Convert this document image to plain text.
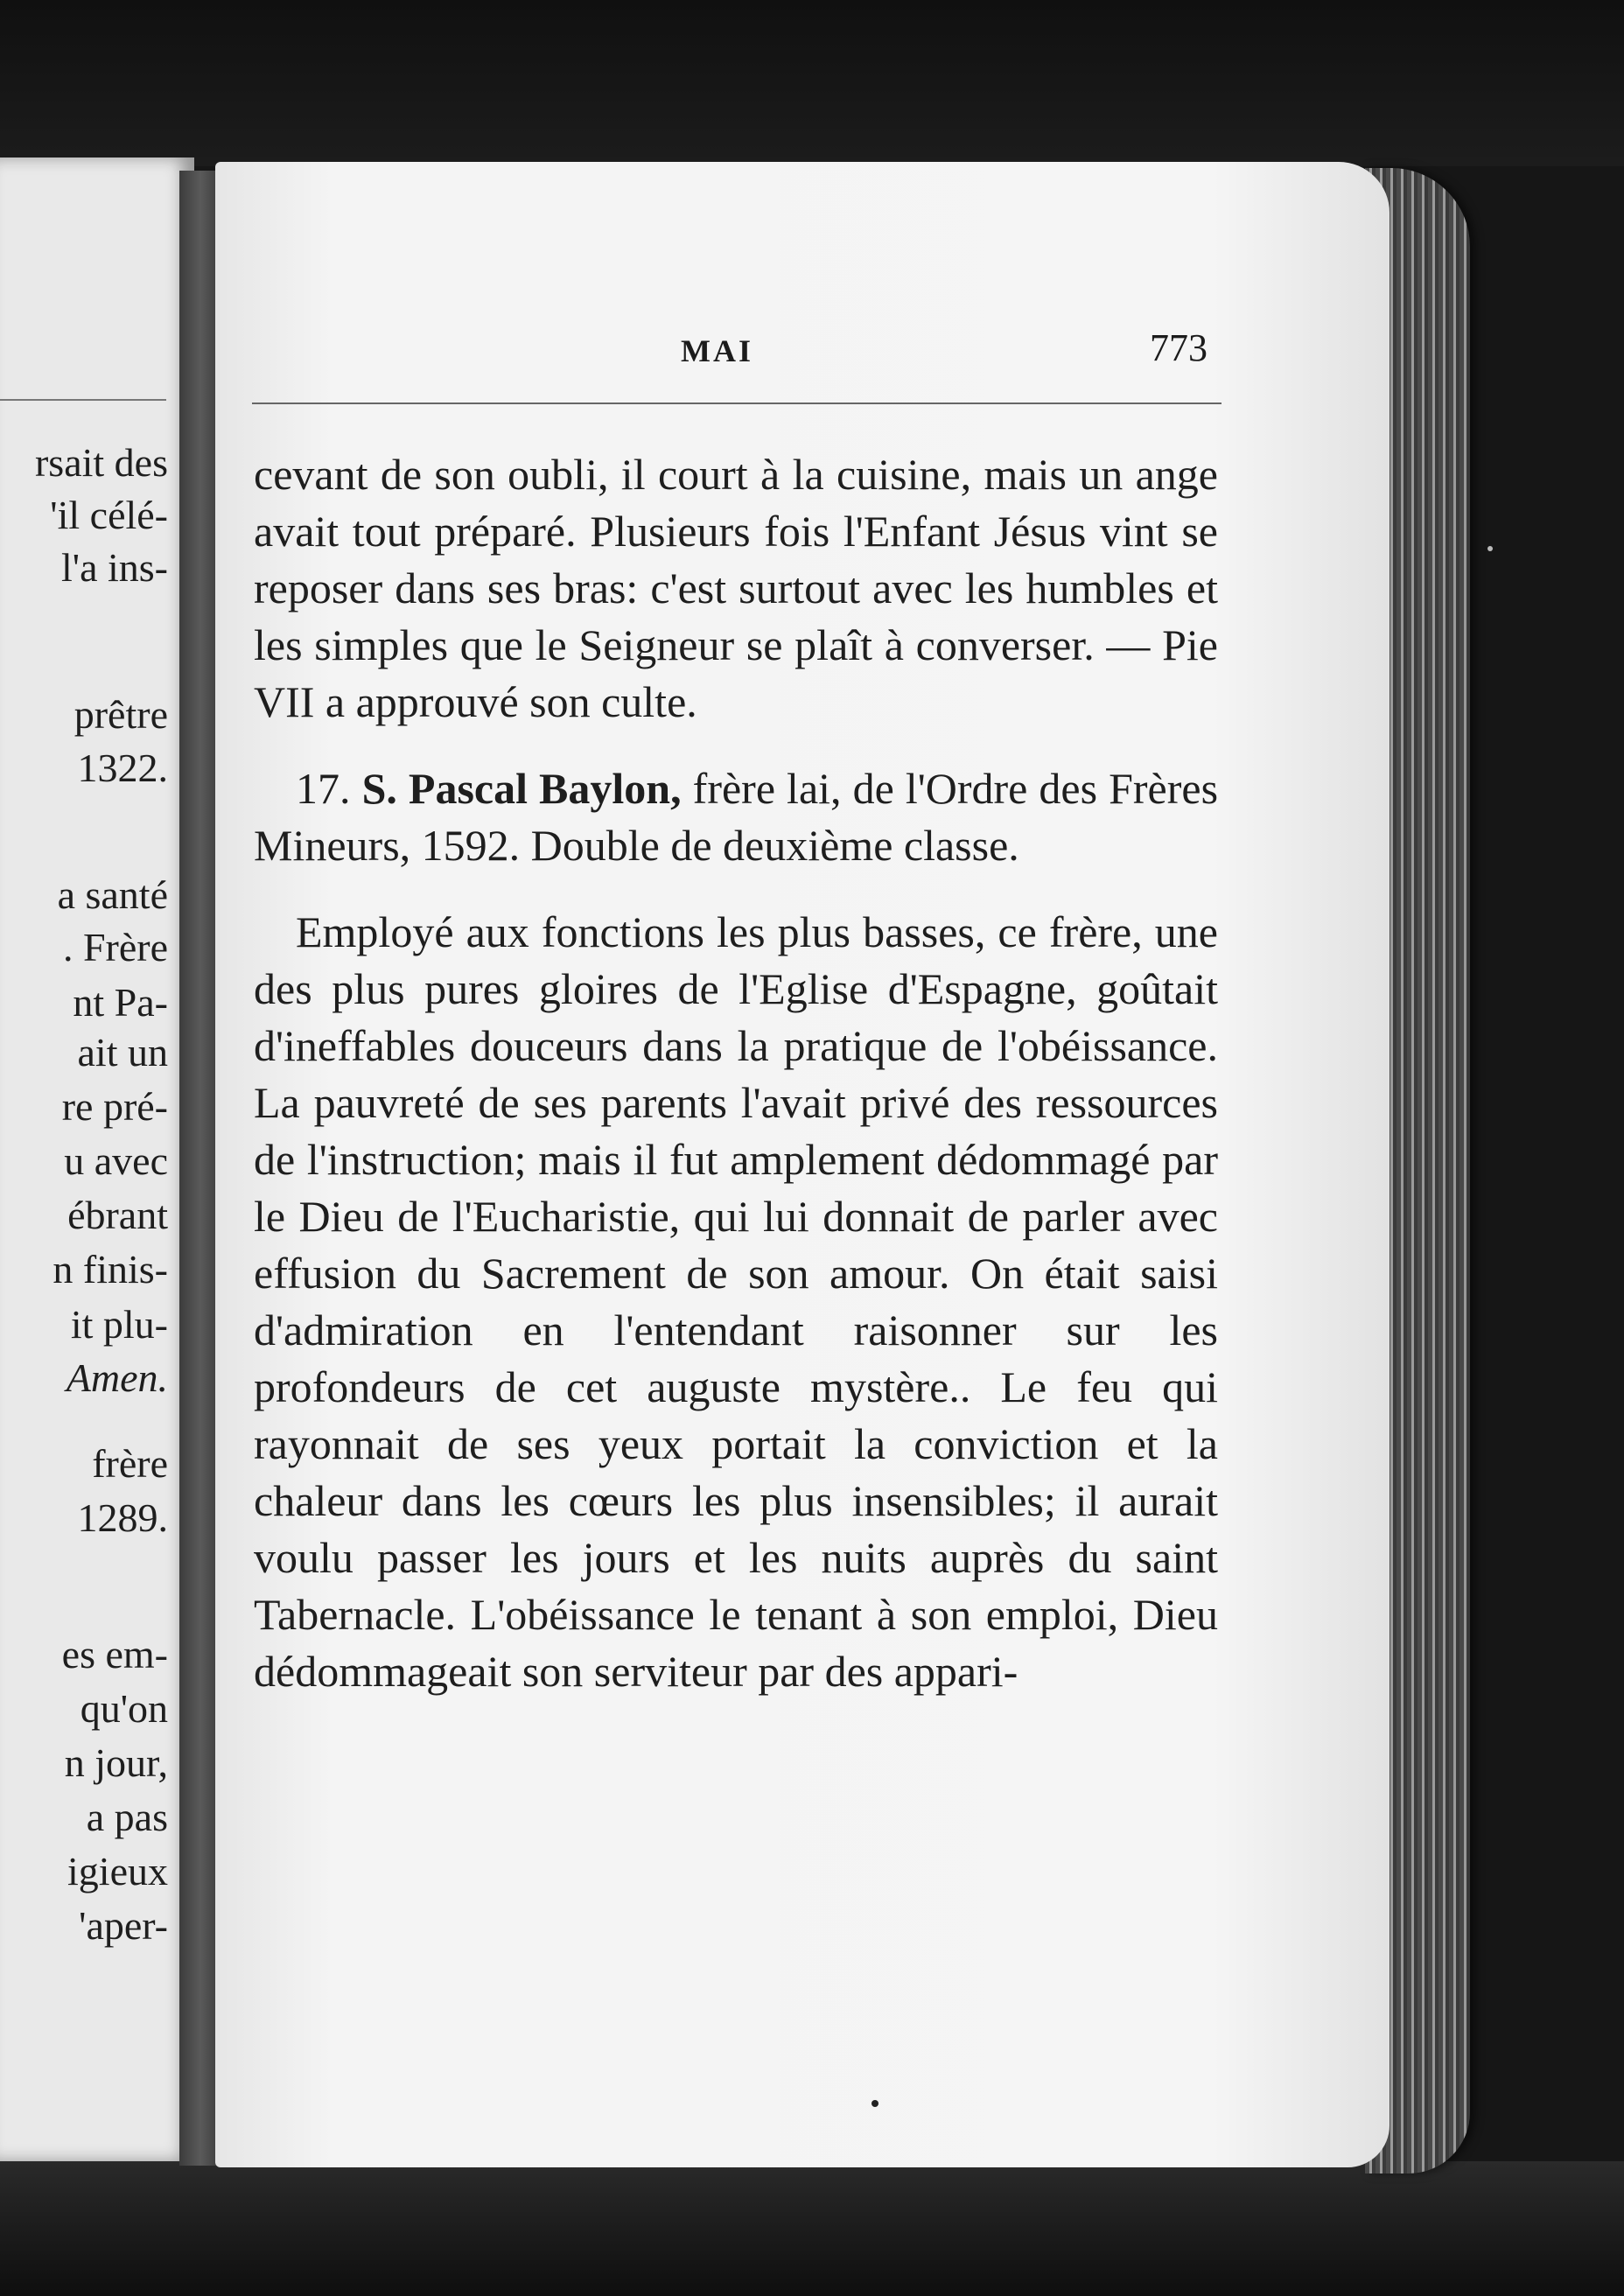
rsait des
'il célé-
l'a ins-
prêtre
1322.
a santé
. Frère
nt Pa-
ait un
re pré-
u avec
ébrant
n finis-
it plu-
Amen.
frère
1289.
es em-
qu'on
n jour,
a pas
igieux
'aper-
MAI	773

cevant de son oubli, il court à la cuisine, mais un ange avait tout préparé. Plusieurs fois l'Enfant Jésus vint se reposer dans ses bras: c'est surtout avec les humbles et les simples que le Seigneur se plaît à converser. — Pie VII a approuvé son culte.

17. S. Pascal Baylon, frère lai, de l'Ordre des Frères Mineurs, 1592. Double de deuxième classe.

Employé aux fonctions les plus basses, ce frère, une des plus pures gloires de l'Eglise d'Espagne, goûtait d'ineffables douceurs dans la pratique de l'obéissance. La pauvreté de ses parents l'avait privé des ressources de l'instruction; mais il fut amplement dédommagé par le Dieu de l'Eucharistie, qui lui donnait de parler avec effusion du Sacrement de son amour. On était saisi d'admiration en l'entendant raisonner sur les profondeurs de cet auguste mystère.. Le feu qui rayonnait de ses yeux portait la conviction et la chaleur dans les cœurs les plus insensibles; il aurait voulu passer les jours et les nuits auprès du saint Tabernacle. L'obéissance le tenant à son emploi, Dieu dédommageait son serviteur par des appari-
